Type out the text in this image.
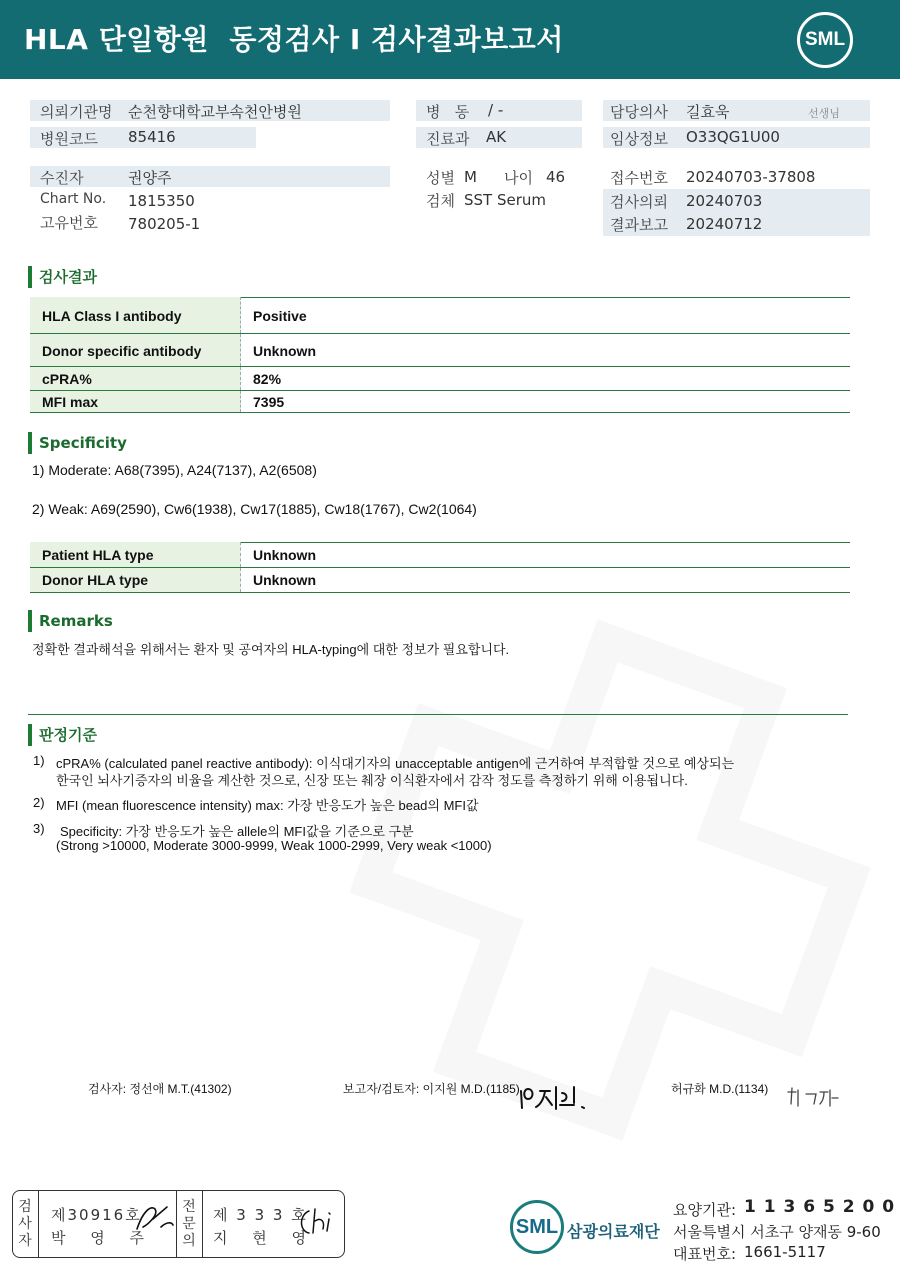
HLA 단일항원  동정검사 I 검사결과보고서	SML
의뢰기관명 순천향대학교부속천안병원
병원코드 85416
병   동 / -
진료과 AK
담당의사 길효욱	선생님
임상정보 O33QG1U00
수진자	권양주
Chart No. 1815350
고유번호 780205-1
성별 M 나이 46
검체 SST Serum
접수번호 20240703-37808
검사의뢰 20240703
결과보고 20240712
검사결과
HLA Class I antibody	Positive
Donor specific antibody	Unknown
cPRA%	82%
MFI max	7395
Specificity
1) Moderate: A68(7395), A24(7137), A2(6508)
2) Weak: A69(2590), Cw6(1938), Cw17(1885), Cw18(1767), Cw2(1064)
Patient HLA type	Unknown
Donor HLA type	Unknown
Remarks
정확한 결과해석을 위해서는 환자 및 공여자의 HLA-typing에 대한 정보가 필요합니다.
판정기준
1) cPRA% (calculated panel reactive antibody): 이식대기자의 unacceptable antigen에 근거하여 부적합할 것으로 예상되는
한국인 뇌사기증자의 비율을 계산한 것으로, 신장 또는 췌장 이식환자에서 감작 정도를 측정하기 위해 이용됩니다.
2) MFI (mean fluorescence intensity) max: 가장 반응도가 높은 bead의 MFI값
3) Specificity: 가장 반응도가 높은 allele의 MFI값을 기준으로 구분
(Strong >10000, Moderate 3000-9999, Weak 1000-2999, Very weak <1000)
검사자: 정선애 M.T.(41302)	보고자/검토자: 이지원 M.D.(1185)	허규화 M.D.(1134)
검사자
제30916호
박 영 주
전문의
제 3 3 3 호
지 현 영	SML 삼광의료재단
요양기관: 1 1 3 6 5 2 0 0
서울특별시 서초구 양재동 9-60
대표번호: 1661-5117
